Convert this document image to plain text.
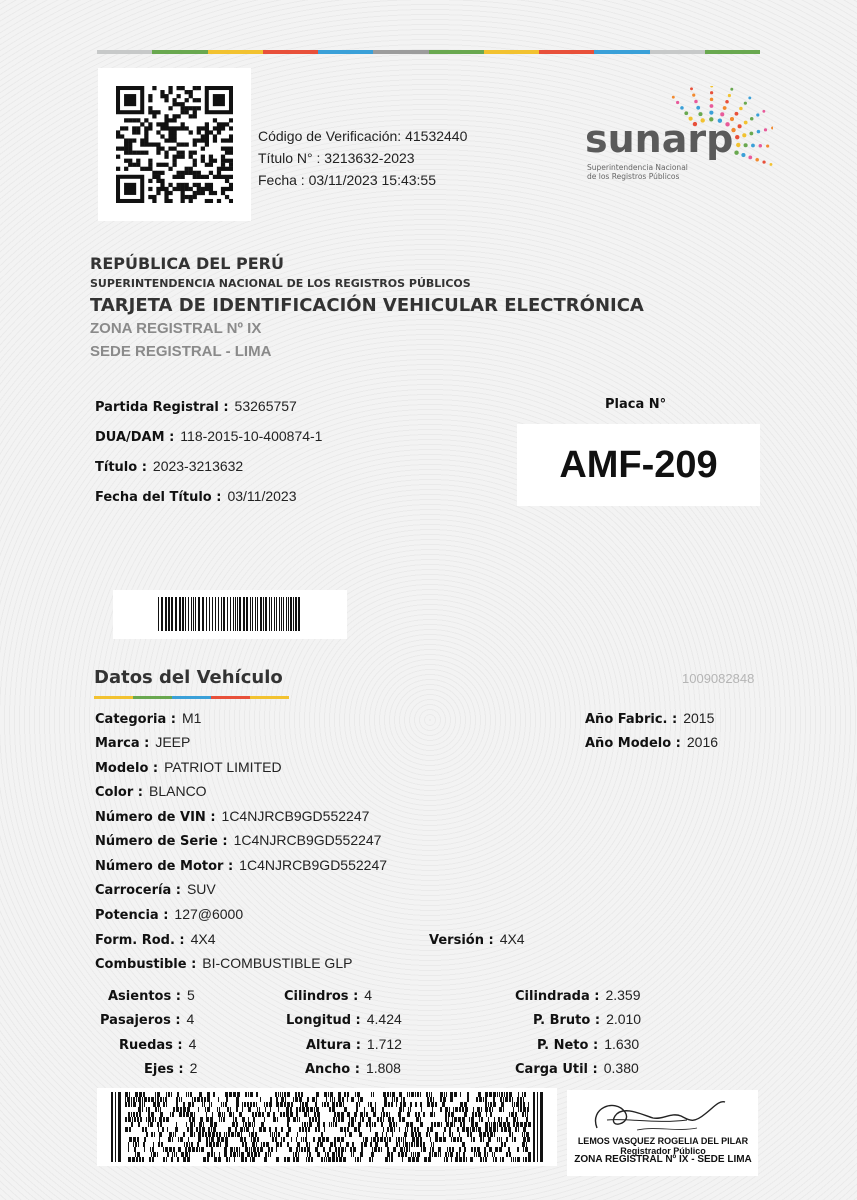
Código de Verificación: 41532440
Título N° : 3213632-2023
Fecha : 03/11/2023 15:43:55
sunarp
Superintendencia Nacional
de los Registros Públicos
REPÚBLICA DEL PERÚ
SUPERINTENDENCIA NACIONAL DE LOS REGISTROS PÚBLICOS
TARJETA DE IDENTIFICACIÓN VEHICULAR ELECTRÓNICA
ZONA REGISTRAL Nº IX
SEDE REGISTRAL - LIMA
Partida Registral : 53265757
DUA/DAM : 118-2015-10-400874-1
Título : 2023-3213632
Fecha del Título : 03/11/2023
Placa N°
AMF-209
Datos del Vehículo	1009082848
Categoria : M1
Marca : JEEP
Modelo : PATRIOT LIMITED
Color : BLANCO
Número de VIN : 1C4NJRCB9GD552247
Número de Serie : 1C4NJRCB9GD552247
Número de Motor : 1C4NJRCB9GD552247
Carrocería : SUV
Potencia : 127@6000
Form. Rod. : 4X4	Versión : 4X4
Combustible : BI-COMBUSTIBLE GLP
Año Fabric. : 2015
Año Modelo : 2016
Asientos : 5
Pasajeros : 4
Ruedas : 4
Ejes : 2
Cilindros : 4
Longitud : 4.424
Altura : 1.712
Ancho : 1.808
Cilindrada : 2.359
P. Bruto : 2.010
P. Neto : 1.630
Carga Util : 0.380
LEMOS VASQUEZ ROGELIA DEL PILAR
Registrador Público
ZONA REGISTRAL Nº IX - SEDE LIMA
